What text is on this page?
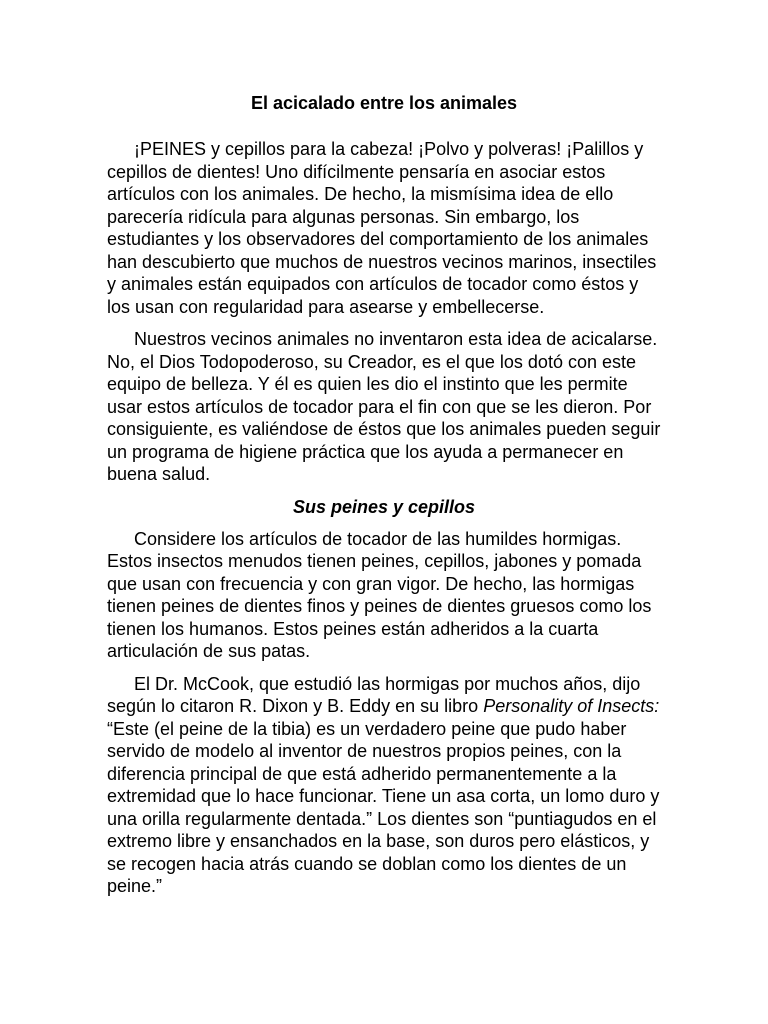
El acicalado entre los animales

¡PEINES y cepillos para la cabeza! ¡Polvo y polveras! ¡Palillos y cepillos de dientes! Uno difícilmente pensaría en asociar estos artículos con los animales. De hecho, la mismísima idea de ello parecería ridícula para algunas personas. Sin embargo, los estudiantes y los observadores del comportamiento de los animales han descubierto que muchos de nuestros vecinos marinos, insectiles y animales están equipados con artículos de tocador como éstos y los usan con regularidad para asearse y embellecerse.

Nuestros vecinos animales no inventaron esta idea de acicalarse. No, el Dios Todopoderoso, su Creador, es el que los dotó con este equipo de belleza. Y él es quien les dio el instinto que les permite usar estos artículos de tocador para el fin con que se les dieron. Por consiguiente, es valiéndose de éstos que los animales pueden seguir un programa de higiene práctica que los ayuda a permanecer en buena salud.

Sus peines y cepillos

Considere los artículos de tocador de las humildes hormigas. Estos insectos menudos tienen peines, cepillos, jabones y pomada que usan con frecuencia y con gran vigor. De hecho, las hormigas tienen peines de dientes finos y peines de dientes gruesos como los tienen los humanos. Estos peines están adheridos a la cuarta articulación de sus patas.

El Dr. McCook, que estudió las hormigas por muchos años, dijo según lo citaron R. Dixon y B. Eddy en su libro Personality of Insects: “Este (el peine de la tibia) es un verdadero peine que pudo haber servido de modelo al inventor de nuestros propios peines, con la diferencia principal de que está adherido permanentemente a la extremidad que lo hace funcionar. Tiene un asa corta, un lomo duro y una orilla regularmente dentada.” Los dientes son “puntiagudos en el extremo libre y ensanchados en la base, son duros pero elásticos, y se recogen hacia atrás cuando se doblan como los dientes de un peine.”
